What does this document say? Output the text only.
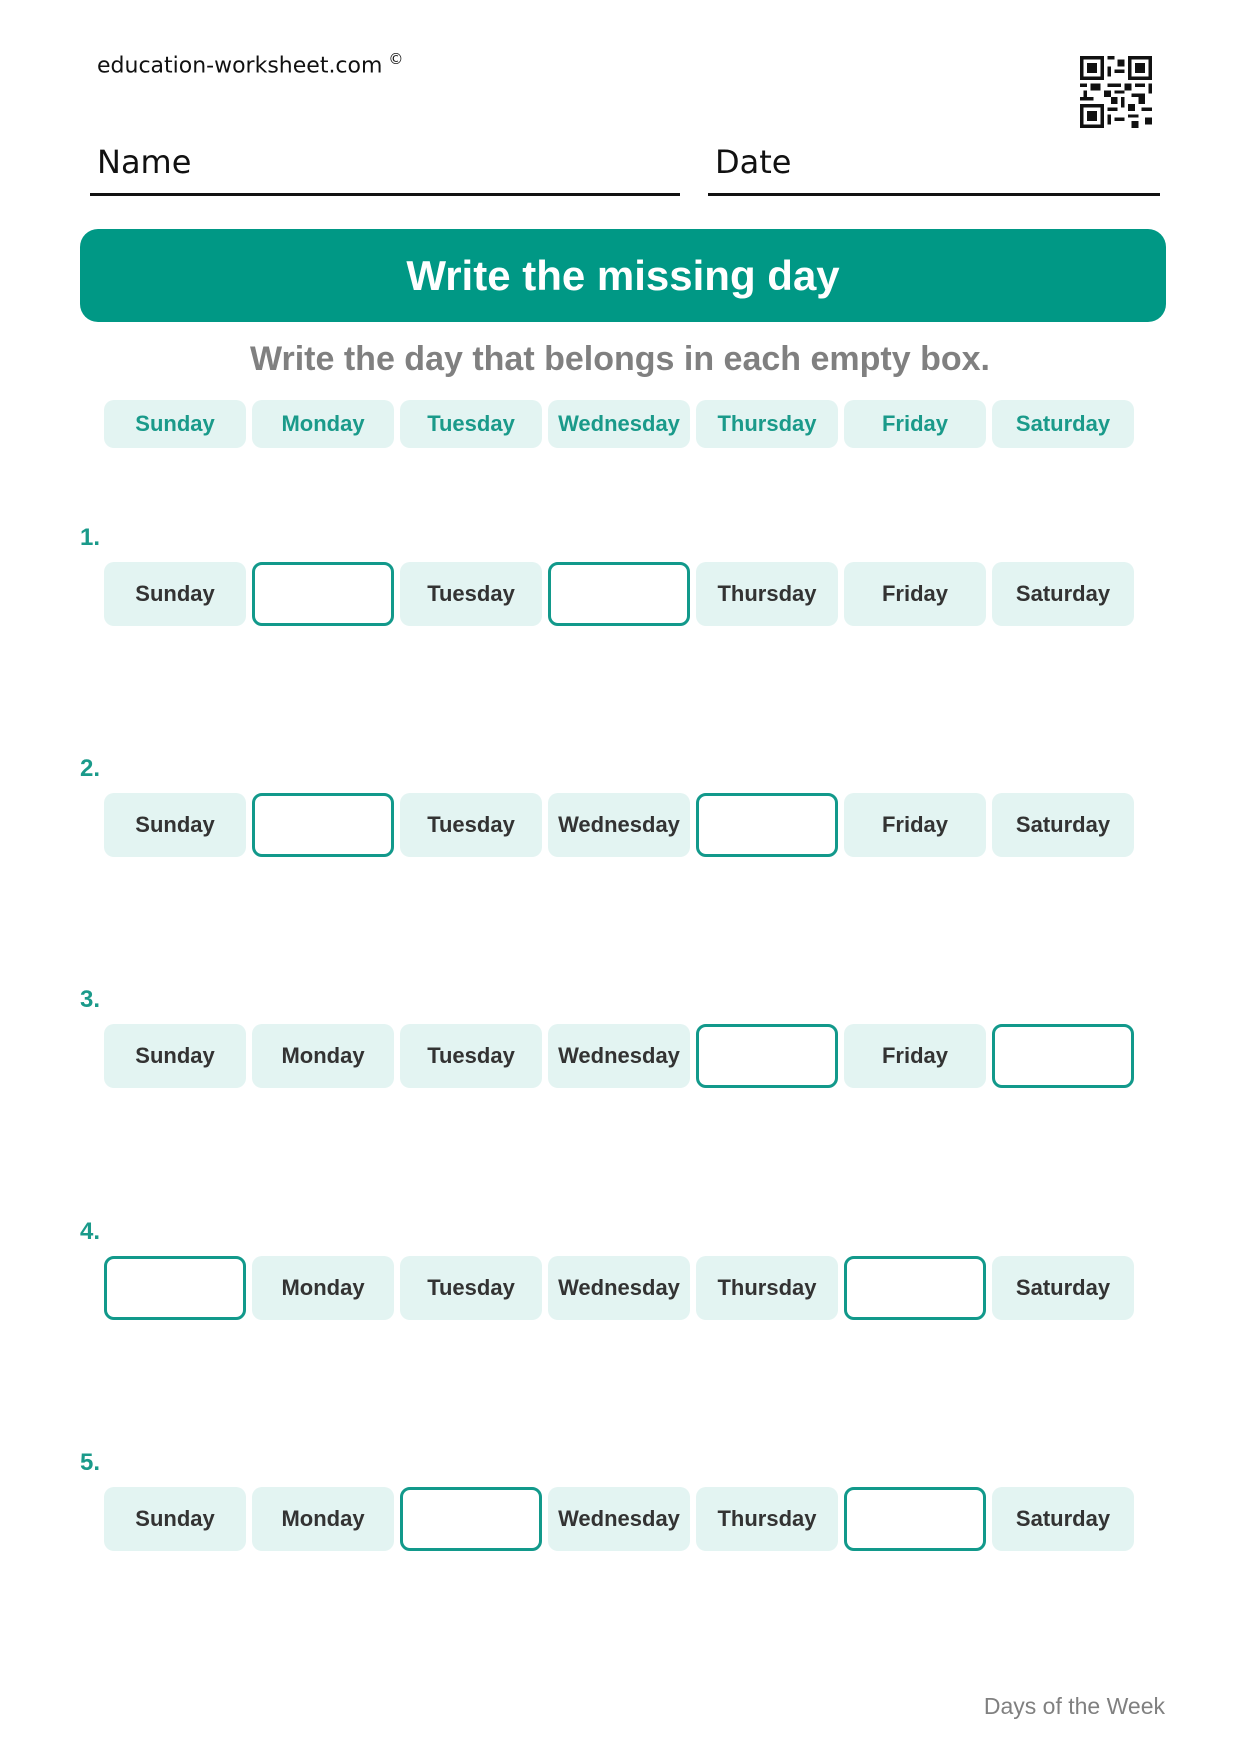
education-worksheet.com ©
Name	Date
Write the missing day
Write the day that belongs in each empty box.
Sunday	Monday	Tuesday	Wednesday	Thursday	Friday	Saturday
1.
Sunday	Tuesday	Thursday	Friday	Saturday
2.
Sunday	Tuesday	Wednesday	Friday	Saturday
3.
Sunday	Monday	Tuesday	Wednesday	Friday
4.
Monday	Tuesday	Wednesday	Thursday	Saturday
5.
Sunday	Monday	Wednesday	Thursday	Saturday
Days of the Week
